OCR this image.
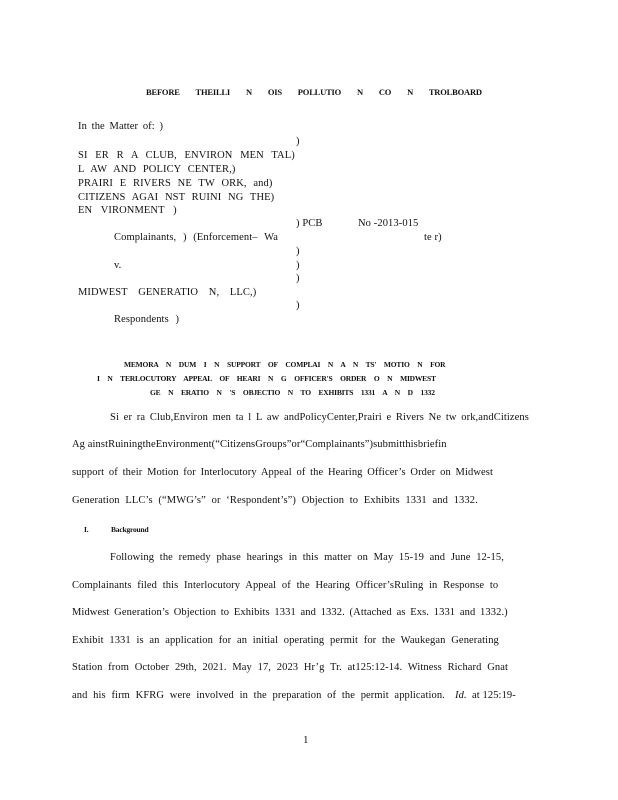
BEFORE THEILLI N OIS POLLUTIO N CO N TROLBOARD
In the Matter of: )
SI ER R A CLUB, ENVIRON MEN TAL)
L AW AND POLICY CENTER,)
PRAIRI E RIVERS NE TW ORK, and)
CITIZENS AGAI NST RUINI NG THE)
EN VIRONMENT )
)
) PCB	No -2013-015
Complainants, ) (Enforcement– Wa	te r)
)
v.	)
)
MIDWEST GENERATIO N, LLC,)
)
Respondents )
MEMORA N DUM I N SUPPORT OF COMPLAI N A N TS' MOTIO N FOR
I N TERLOCUTORY APPEAL OF HEARI N G OFFICER'S ORDER O N MIDWEST
GE N ERATIO N 'S OBJECTIO N TO EXHIBITS 1331 A N D 1332
Si er ra Club,Environ men ta l L aw andPolicyCenter,Prairi e Rivers Ne tw ork,andCitizens
Ag ainstRuiningtheEnvironment(“CitizensGroups”or“Complainants”)submitthisbriefin
support of their Motion for Interlocutory Appeal of the Hearing Officer’s Order on Midwest
Generation LLC’s (“MWG’s” or ‘Respondent’s”) Objection to Exhibits 1331 and 1332.
I.	Background
Following the remedy phase hearings in this matter on May 15-19 and June 12-15,
Complainants filed this Interlocutory Appeal of the Hearing Officer’sRuling in Response to
Midwest Generation’s Objection to Exhibits 1331 and 1332. (Attached as Exs. 1331 and 1332.)
Exhibit 1331 is an application for an initial operating permit for the Waukegan Generating
Station from October 29th, 2021. May 17, 2023 Hr’g Tr. at125:12-14. Witness Richard Gnat
and his firm KFRG were involved in the preparation of the permit application. Id. at 125:19-
1
